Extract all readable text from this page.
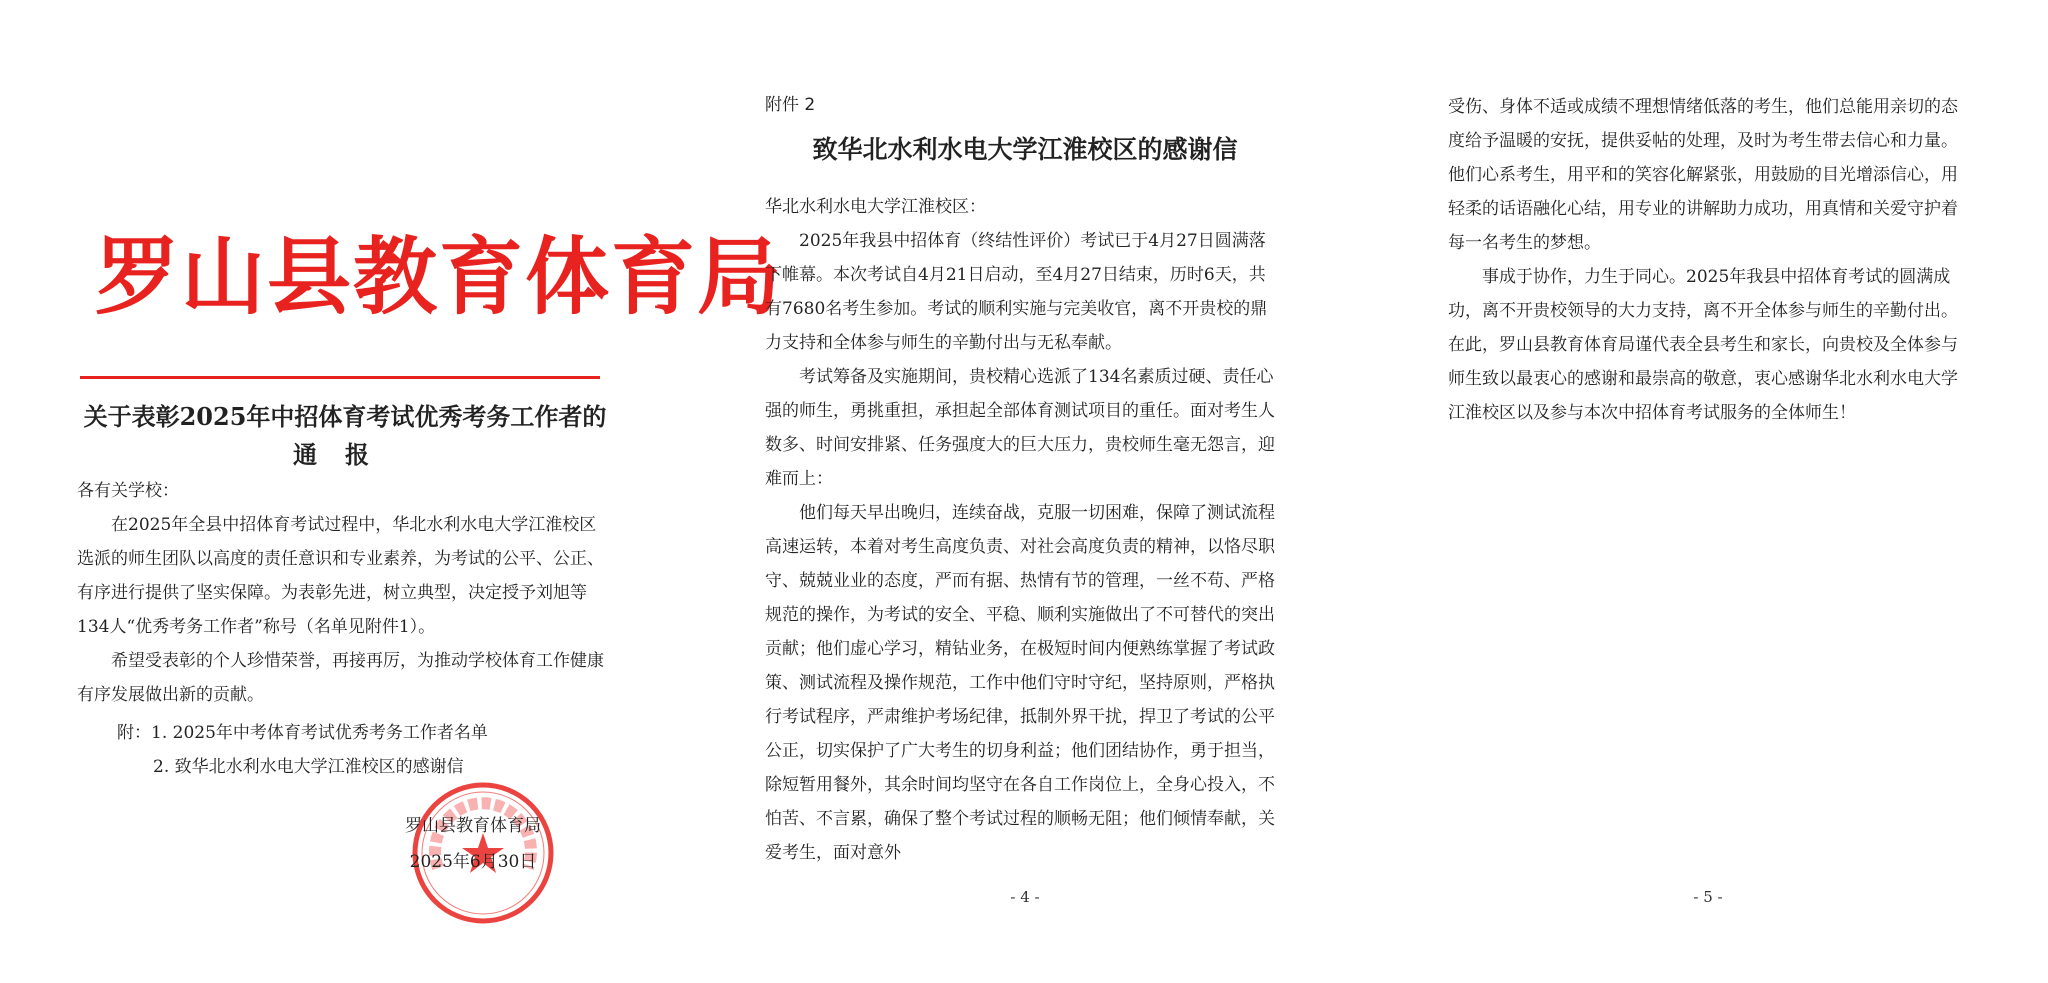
罗山县教育体育局
关于表彰2025年中招体育考试优秀考务工作者的
通报
各有关学校：

在2025年全县中招体育考试过程中，华北水利水电大学江淮校区选派的师生团队以高度的责任意识和专业素养，为考试的公平、公正、有序进行提供了坚实保障。为表彰先进，树立典型，决定授予刘旭等134人“优秀考务工作者”称号（名单见附件1）。

希望受表彰的个人珍惜荣誉，再接再厉，为推动学校体育工作健康有序发展做出新的贡献。

附：1. 2025年中考体育考试优秀考务工作者名单
2. 致华北水利水电大学江淮校区的感谢信
罗山县教育体育局
2025年6月30日
附件 2
致华北水利水电大学江淮校区的感谢信
华北水利水电大学江淮校区：

2025年我县中招体育（终结性评价）考试已于4月27日圆满落下帷幕。本次考试自4月21日启动，至4月27日结束，历时6天，共有7680名考生参加。考试的顺利实施与完美收官，离不开贵校的鼎力支持和全体参与师生的辛勤付出与无私奉献。

考试筹备及实施期间，贵校精心选派了134名素质过硬、责任心强的师生，勇挑重担，承担起全部体育测试项目的重任。面对考生人数多、时间安排紧、任务强度大的巨大压力，贵校师生毫无怨言，迎难而上：

他们每天早出晚归，连续奋战，克服一切困难，保障了测试流程高速运转，本着对考生高度负责、对社会高度负责的精神，以恪尽职守、兢兢业业的态度，严而有据、热情有节的管理，一丝不苟、严格规范的操作，为考试的安全、平稳、顺利实施做出了不可替代的突出贡献；他们虚心学习，精钻业务，在极短时间内便熟练掌握了考试政策、测试流程及操作规范，工作中他们守时守纪，坚持原则，严格执行考试程序，严肃维护考场纪律，抵制外界干扰，捍卫了考试的公平公正，切实保护了广大考生的切身利益；他们团结协作，勇于担当，除短暂用餐外，其余时间均坚守在各自工作岗位上，全身心投入，不怕苦、不言累，确保了整个考试过程的顺畅无阻；他们倾情奉献，关爱考生，面对意外

- 4 -

受伤、身体不适或成绩不理想情绪低落的考生，他们总能用亲切的态度给予温暖的安抚，提供妥帖的处理，及时为考生带去信心和力量。他们心系考生，用平和的笑容化解紧张，用鼓励的目光增添信心，用轻柔的话语融化心结，用专业的讲解助力成功，用真情和关爱守护着每一名考生的梦想。

事成于协作，力生于同心。2025年我县中招体育考试的圆满成功，离不开贵校领导的大力支持，离不开全体参与师生的辛勤付出。在此，罗山县教育体育局谨代表全县考生和家长，向贵校及全体参与师生致以最衷心的感谢和最崇高的敬意，衷心感谢华北水利水电大学江淮校区以及参与本次中招体育考试服务的全体师生！

- 5 -
